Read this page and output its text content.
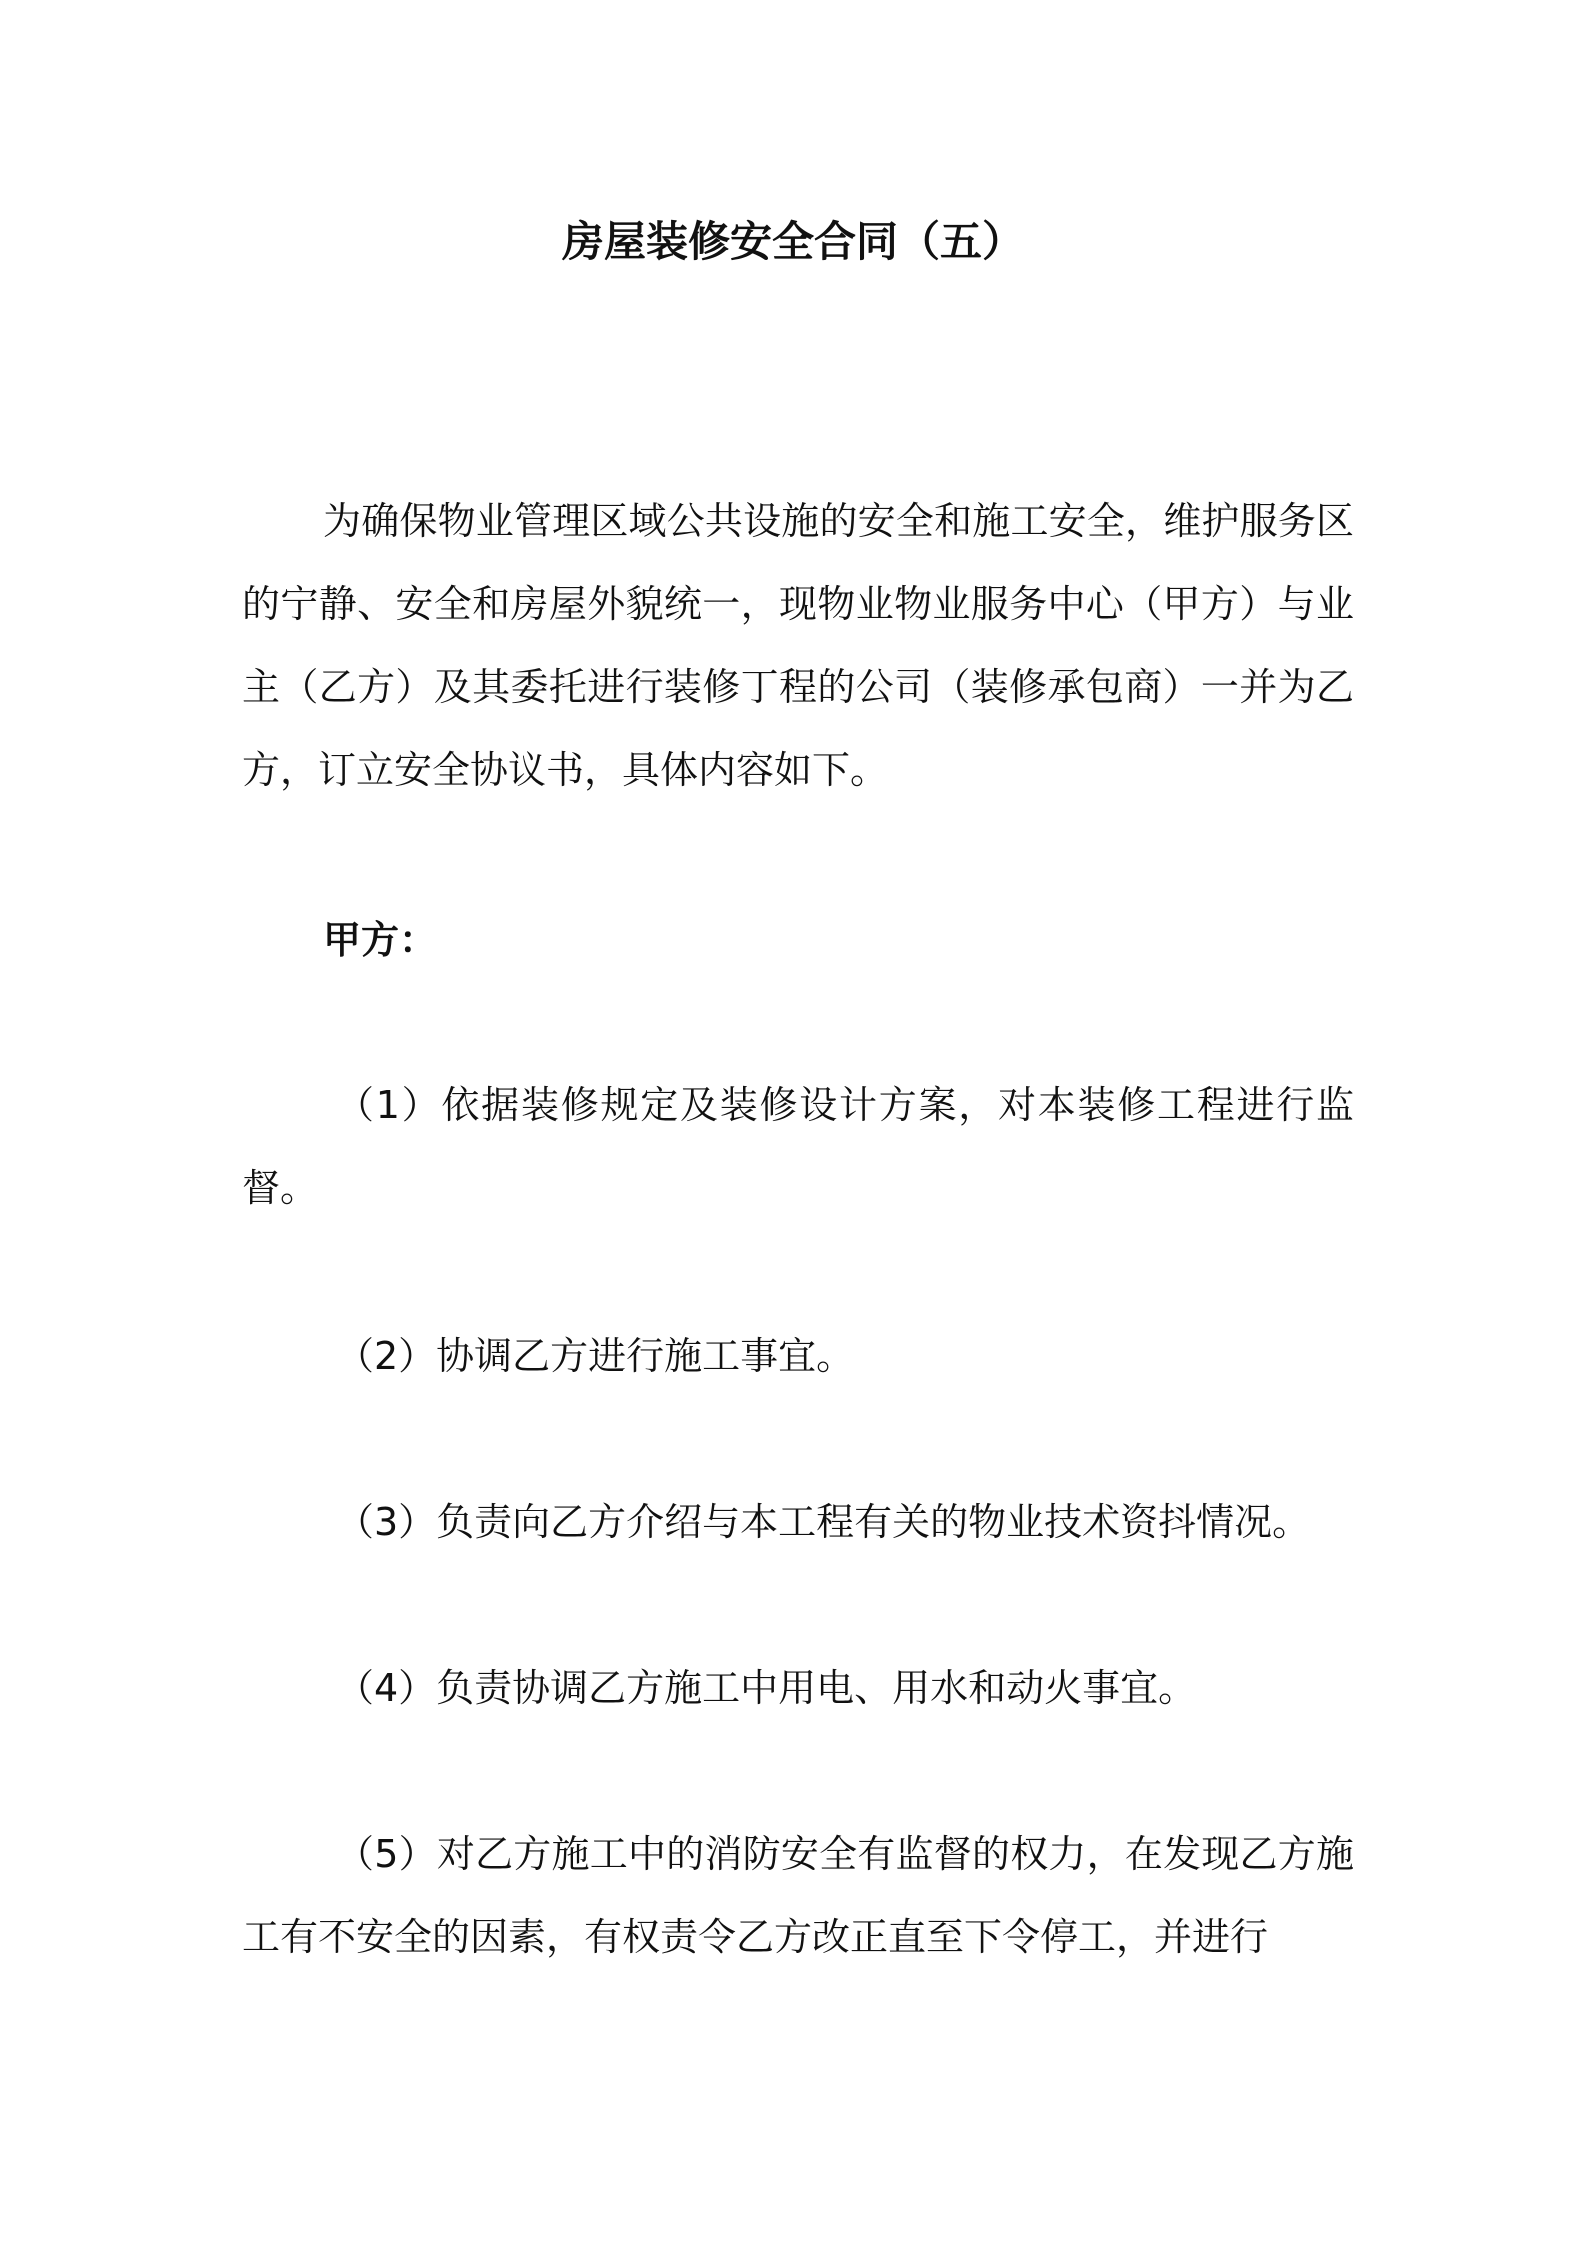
房屋装修安全合同（五）

为确保物业管理区域公共设施的安全和施工安全，维护服务区的宁静、安全和房屋外貌统一，现物业物业服务中心（甲方）与业主（乙方）及其委托进行装修丁程的公司（装修承包商）一并为乙方，订立安全协议书，具体内容如下。

甲方：

（1）依据装修规定及装修设计方案，对本装修工程进行监督。

（2）协调乙方进行施工事宜。

（3）负责向乙方介绍与本工程有关的物业技术资抖情况。

（4）负责协调乙方施工中用电、用水和动火事宜。

（5）对乙方施工中的消防安全有监督的权力，在发现乙方施工有不安全的因素，有权责令乙方改正直至下令停工，并进行
